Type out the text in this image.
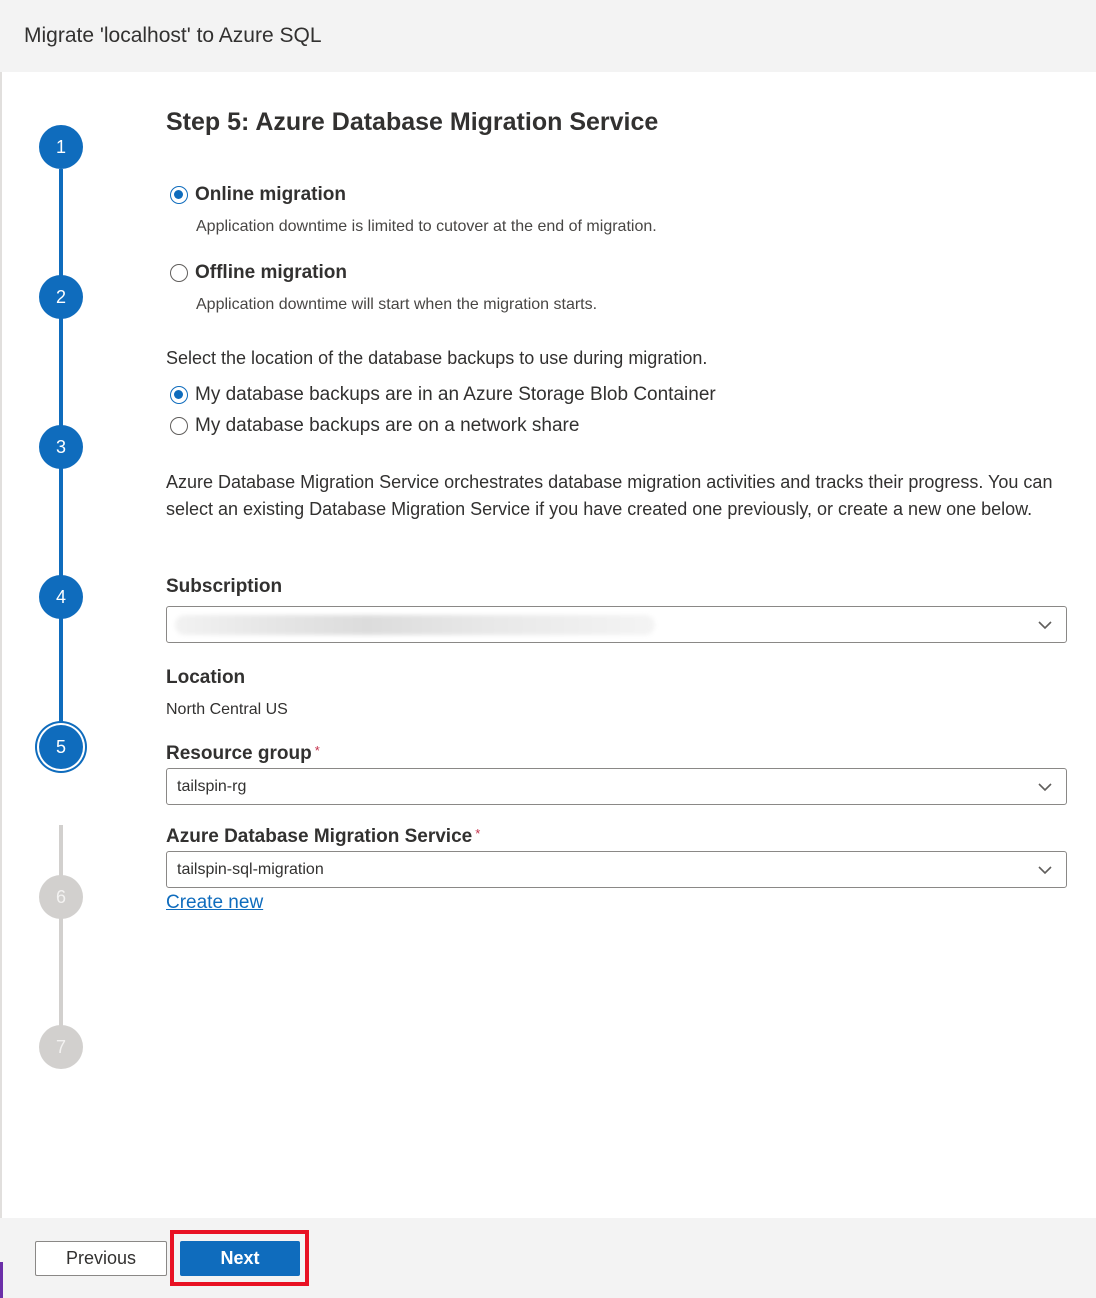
Migrate 'localhost' to Azure SQL
1
2
3
4
5
6
7
Step 5: Azure Database Migration Service
Online migration
Application downtime is limited to cutover at the end of migration.
Offline migration
Application downtime will start when the migration starts.
Select the location of the database backups to use during migration.
My database backups are in an Azure Storage Blob Container
My database backups are on a network share
Azure Database Migration Service orchestrates database migration activities and tracks their progress. You can select an existing Database Migration Service if you have created one previously, or create a new one below.
Subscription
Location
North Central US
Resource group *
tailspin-rg
Azure Database Migration Service *
tailspin-sql-migration
Create new
Previous	Next
